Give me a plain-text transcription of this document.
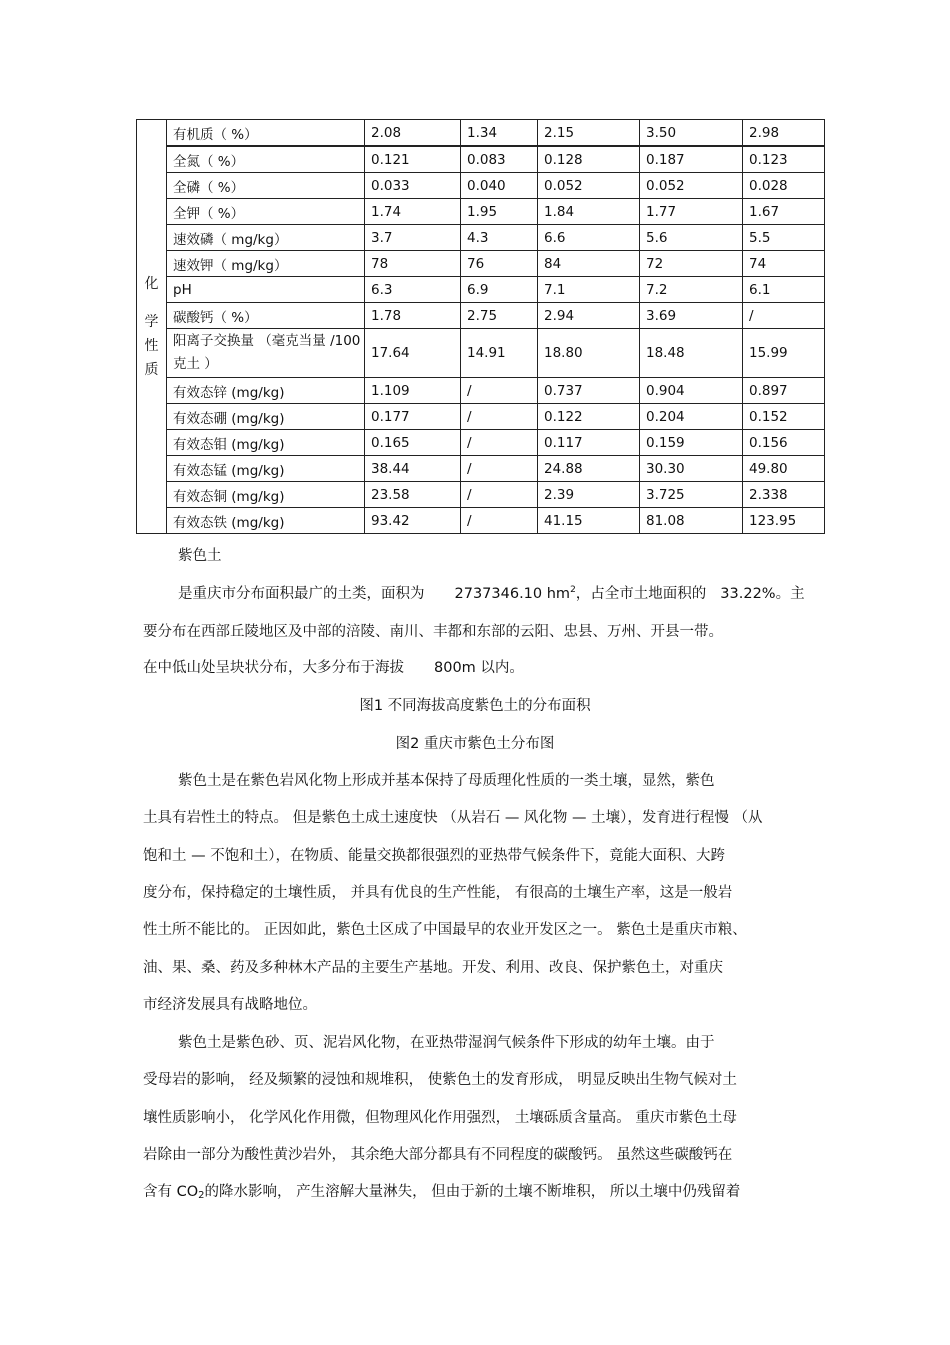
化
学
性
质	有机质（ %）	2.08	1.34	2.15	3.50	2.98
	全氮（ %）	0.121	0.083	0.128	0.187	0.123
	全磷（ %）	0.033	0.040	0.052	0.052	0.028
	全钾（ %）	1.74	1.95	1.84	1.77	1.67
	速效磷（ mg/kg）	3.7	4.3	6.6	5.6	5.5
	速效钾（ mg/kg）	78	76	84	72	74
	pH	6.3	6.9	7.1	7.2	6.1
	碳酸钙（ %）	1.78	2.75	2.94	3.69	/
	阳离子交换量 （毫克当量 /100克土 ）	17.64	14.91	18.80	18.48	15.99
	有效态锌 (mg/kg)	1.109	/	0.737	0.904	0.897
	有效态硼 (mg/kg)	0.177	/	0.122	0.204	0.152
	有效态钼 (mg/kg)	0.165	/	0.117	0.159	0.156
	有效态锰 (mg/kg)	38.44	/	24.88	30.30	49.80
	有效态铜 (mg/kg)	23.58	/	2.39	3.725	2.338
	有效态铁 (mg/kg)	93.42	/	41.15	81.08	123.95
紫色土
是重庆市分布面积最广的土类，面积为 2737346.10 $hm^2$，占全市土地面积的 33.22%。主
要分布在西部丘陵地区及中部的涪陵、南川、丰都和东部的云阳、忠县、万州、开县一带。
在中低山处呈块状分布，大多分布于海拔 800m 以内。
图1 不同海拔高度紫色土的分布面积
图2 重庆市紫色土分布图
紫色土是在紫色岩风化物上形成并基本保持了母质理化性质的一类土壤，显然，紫色
土具有岩性土的特点。 但是紫色土成土速度快 （从岩石 — 风化物 — 土壤），发育进行程慢 （从
饱和土 — 不饱和土），在物质、能量交换都很强烈的亚热带气候条件下，竟能大面积、大跨
度分布，保持稳定的土壤性质， 并具有优良的生产性能， 有很高的土壤生产率，这是一般岩
性土所不能比的。 正因如此，紫色土区成了中国最早的农业开发区之一。 紫色土是重庆市粮、
油、果、桑、药及多种林木产品的主要生产基地。开发、利用、改良、保护紫色土，对重庆
市经济发展具有战略地位。
紫色土是紫色砂、页、泥岩风化物，在亚热带湿润气候条件下形成的幼年土壤。由于
受母岩的影响， 经及频繁的浸蚀和规堆积， 使紫色土的发育形成， 明显反映出生物气候对土
壤性质影响小， 化学风化作用微，但物理风化作用强烈， 土壤砾质含量高。 重庆市紫色土母
岩除由一部分为酸性黄沙岩外， 其余绝大部分都具有不同程度的碳酸钙。 虽然这些碳酸钙在
含有 $CO_2$的降水影响， 产生溶解大量淋失， 但由于新的土壤不断堆积， 所以土壤中仍残留着
